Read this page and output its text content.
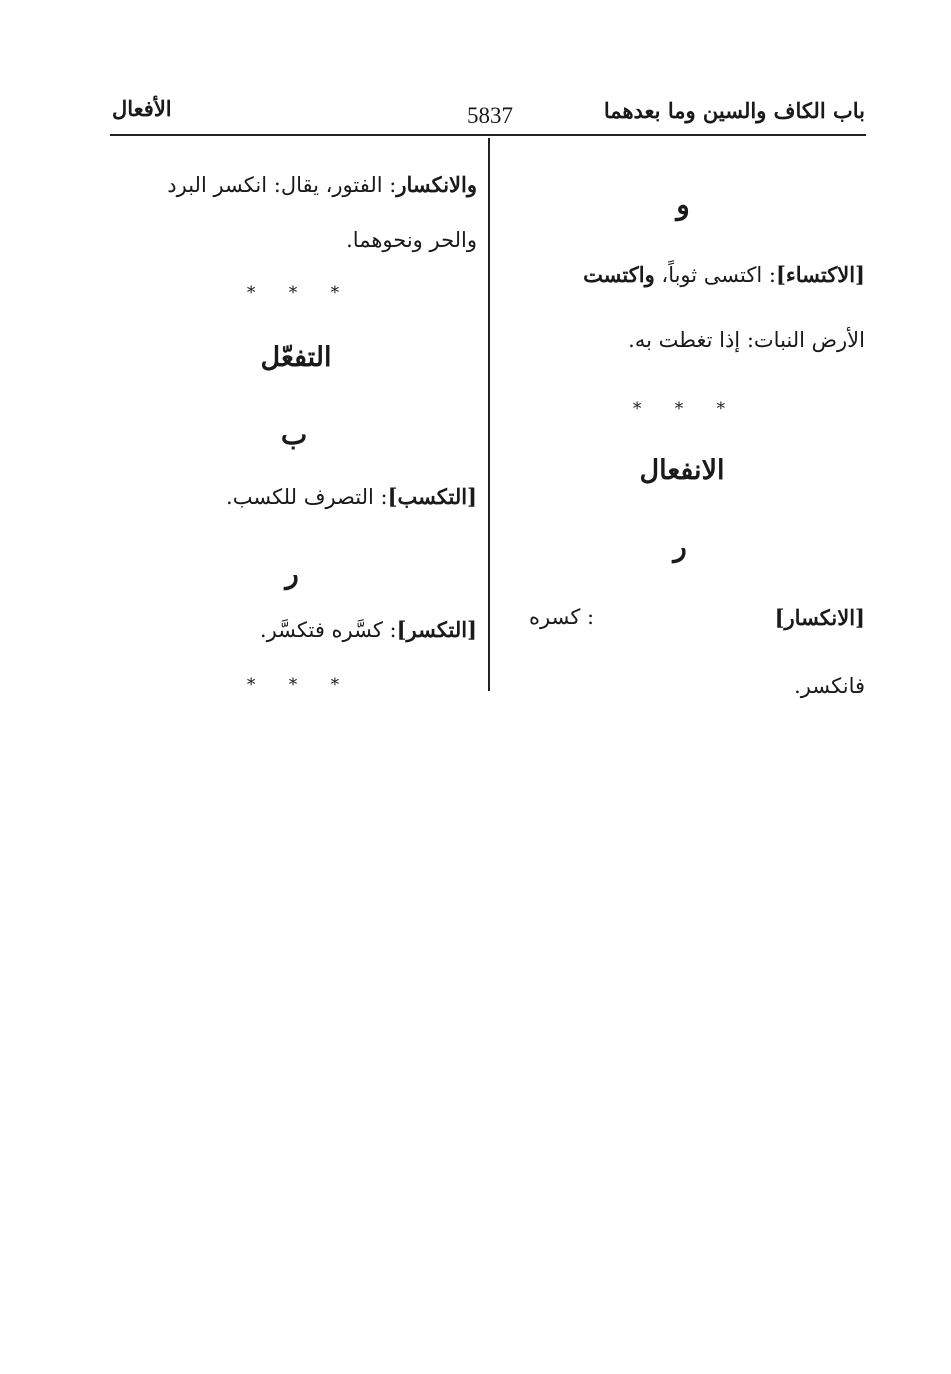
باب الكاف والسين وما بعدهما
5837
الأفعال
و
[الاكتساء]: اكتسى ثوباً، واكتست
الأرض النبات: إذا تغطت به.
* * *
الانفعال
ر
[الانكسار]
: كسره
فانكسر.
والانكسار: الفتور، يقال: انكسر البرد
والحر ونحوهما.
* * *
التفعّل
ب
[التكسب]: التصرف للكسب.
ر
[التكسر]: كسَّره فتكسَّر.
* * *
